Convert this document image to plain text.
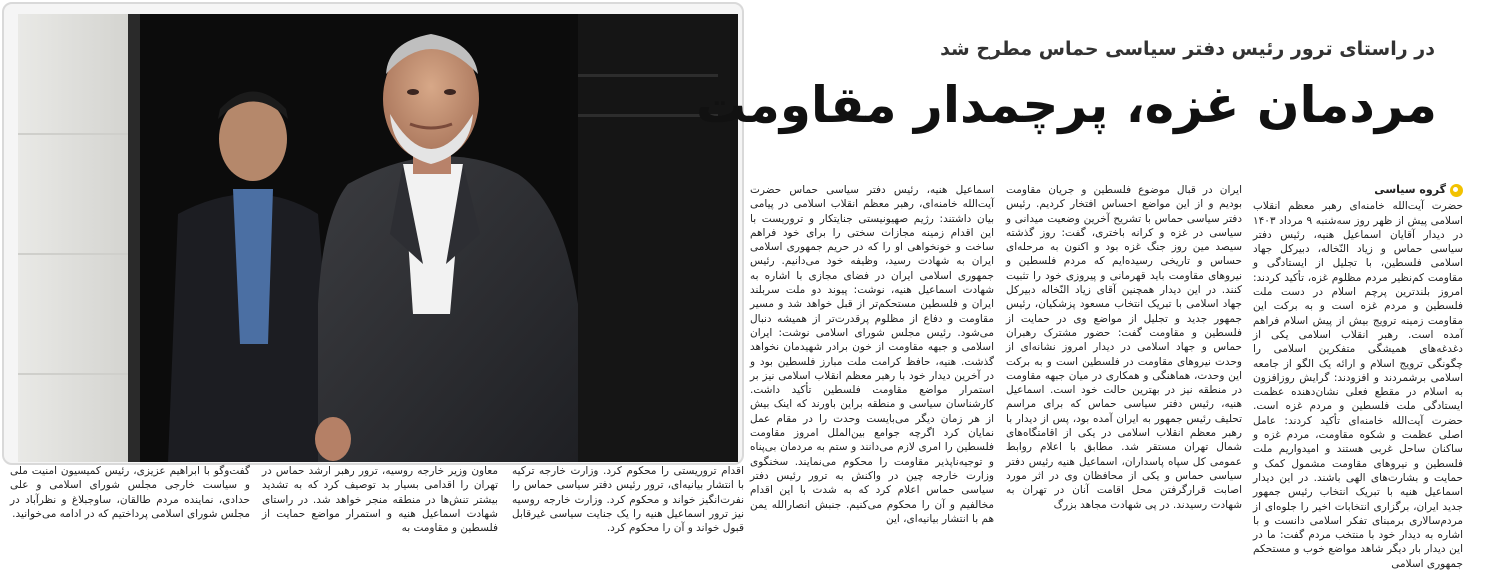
در راستای ترور رئیس دفتر سیاسی حماس مطرح شد
مردمان غزه، پرچمدار مقاومت
گروه سیاسی
حضرت آیت‌الله خامنه‌ای رهبر معظم انقلاب اسلامی پیش از ظهر روز سه‌شنبه ۹ مرداد ۱۴۰۳ در دیدار آقایان اسماعیل هنیه، رئیس دفتر سیاسی حماس و زیاد النّخاله، دبیرکل جهاد اسلامی فلسطین، با تجلیل از ایستادگی و مقاومت کم‌نظیر مردم مظلوم غزه، تأکید کردند: امروز بلندترین پرچم اسلام در دست ملت فلسطین و مردم غزه است و به برکت این مقاومت زمینه ترویج بیش از پیش اسلام فراهم آمده است. رهبر انقلاب اسلامی یکی از دغدغه‌های همیشگی متفکرین اسلامی را چگونگی ترویج اسلام و ارائه یک الگو از جامعه اسلامی برشمردند و افزودند: گرایش روزافزون به اسلام در مقطع فعلی نشان‌دهنده عظمت ایستادگی ملت فلسطین و مردم غزه است. حضرت آیت‌الله خامنه‌ای تأکید کردند: عامل اصلی عظمت و شکوه مقاومت، مردم غزه و ساکنان ساحل غربی هستند و امیدواریم ملت فلسطین و نیروهای مقاومت مشمول کمک و حمایت و بشارت‌های الهی باشند. در این دیدار اسماعیل هنیه با تبریک انتخاب رئیس جمهور جدید ایران، برگزاری انتخابات اخیر را جلوه‌ای از مردم‌سالاری برمبنای تفکر اسلامی دانست و با اشاره به دیدار خود با منتخب مردم گفت: ما در این دیدار بار دیگر شاهد مواضع خوب و مستحکم جمهوری اسلامی
ایران در قبال موضوع فلسطین و جریان مقاومت بودیم و از این مواضع احساس افتخار کردیم. رئیس دفتر سیاسی حماس با تشریح آخرین وضعیت میدانی و سیاسی در غزه و کرانه باختری، گفت: روز گذشته سیصد مین روز جنگ غزه بود و اکنون به مرحله‌ای حساس و تاریخی رسیده‌ایم که مردم فلسطین و نیروهای مقاومت باید قهرمانی و پیروزی خود را تثبیت کنند. در این دیدار همچنین آقای زیاد النّخاله دبیرکل جهاد اسلامی با تبریک انتخاب مسعود پزشکیان، رئیس جمهور جدید و تجلیل از مواضع وی در حمایت از فلسطین و مقاومت گفت: حضور مشترک رهبران حماس و جهاد اسلامی در دیدار امروز نشانه‌ای از وحدت نیروهای مقاومت در فلسطین است و به برکت این وحدت، هماهنگی و همکاری در میان جبهه مقاومت در منطقه نیز در بهترین حالت خود است. اسماعیل هنیه، رئیس دفتر سیاسی حماس که برای مراسم تحلیف رئیس جمهور به ایران آمده بود، پس از دیدار با رهبر معظم انقلاب اسلامی در یکی از اقامتگاه‌های شمال تهران مستقر شد. مطابق با اعلام روابط عمومی کل سپاه پاسداران، اسماعیل هنیه رئیس دفتر سیاسی حماس و یکی از محافظان وی در اثر مورد اصابت قرارگرفتن محل اقامت آنان در تهران به شهادت رسیدند. در پی شهادت مجاهد بزرگ
اسماعیل هنیه، رئیس دفتر سیاسی حماس حضرت آیت‌الله خامنه‌ای، رهبر معظم انقلاب اسلامی در پیامی بیان داشتند: رژیم صهیونیستی جنایتکار و تروریست با این اقدام زمینه مجازات سختی را برای خود فراهم ساخت و خونخواهی او را که در حریم جمهوری اسلامی ایران به شهادت رسید، وظیفه خود می‌دانیم. رئیس جمهوری اسلامی ایران در فضای مجازی با اشاره به شهادت اسماعیل هنیه، نوشت: پیوند دو ملت سربلند ایران و فلسطین مستحکم‌تر از قبل خواهد شد و مسیر مقاومت و دفاع از مظلوم پرقدرت‌تر از همیشه دنبال می‌شود. رئیس مجلس شورای اسلامی نوشت: ایران اسلامی و جبهه مقاومت از خون برادر شهیدمان نخواهد گذشت. هنیه، حافظ کرامت ملت مبارز فلسطین بود و در آخرین دیدار خود با رهبر معظم انقلاب اسلامی نیز بر استمرار مواضع مقاومت فلسطین تأکید داشت. کارشناسان سیاسی و منطقه براین باورند که اینک بیش از هر زمان دیگر می‌بایست وحدت را در مقام عمل نمایان کرد اگرچه جوامع بین‌الملل امروز مقاومت فلسطین را امری لازم می‌دانند و ستم به مردمان بی‌پناه و توجیه‌ناپذیر مقاومت را محکوم می‌نمایند. سخنگوی وزارت خارجه چین در واکنش به ترور رئیس دفتر سیاسی حماس اعلام کرد که به شدت با این اقدام مخالفیم و آن را محکوم می‌کنیم. جنبش انصارالله یمن هم با انتشار بیانیه‌ای، این
اقدام تروریستی را محکوم کرد. وزارت خارجه ترکیه با انتشار بیانیه‌ای، ترور رئیس دفتر سیاسی حماس را نفرت‌انگیز خواند و محکوم کرد. وزارت خارجه روسیه نیز ترور اسماعیل هنیه را یک جنایت سیاسی غیرقابل قبول خواند و آن را محکوم کرد.
معاون وزیر خارجه روسیه، ترور رهبر ارشد حماس در تهران را اقدامی بسیار بد توصیف کرد که به تشدید بیشتر تنش‌ها در منطقه منجر خواهد شد. در راستای شهادت اسماعیل هنیه و استمرار مواضع حمایت از فلسطین و مقاومت به
گفت‌وگو با ابراهیم عزیزی، رئیس کمیسیون امنیت ملی و سیاست خارجی مجلس شورای اسلامی و علی حدادی، نماینده مردم طالقان، ساوجبلاغ و نظرآباد در مجلس شورای اسلامی پرداختیم که در ادامه می‌خوانید.
